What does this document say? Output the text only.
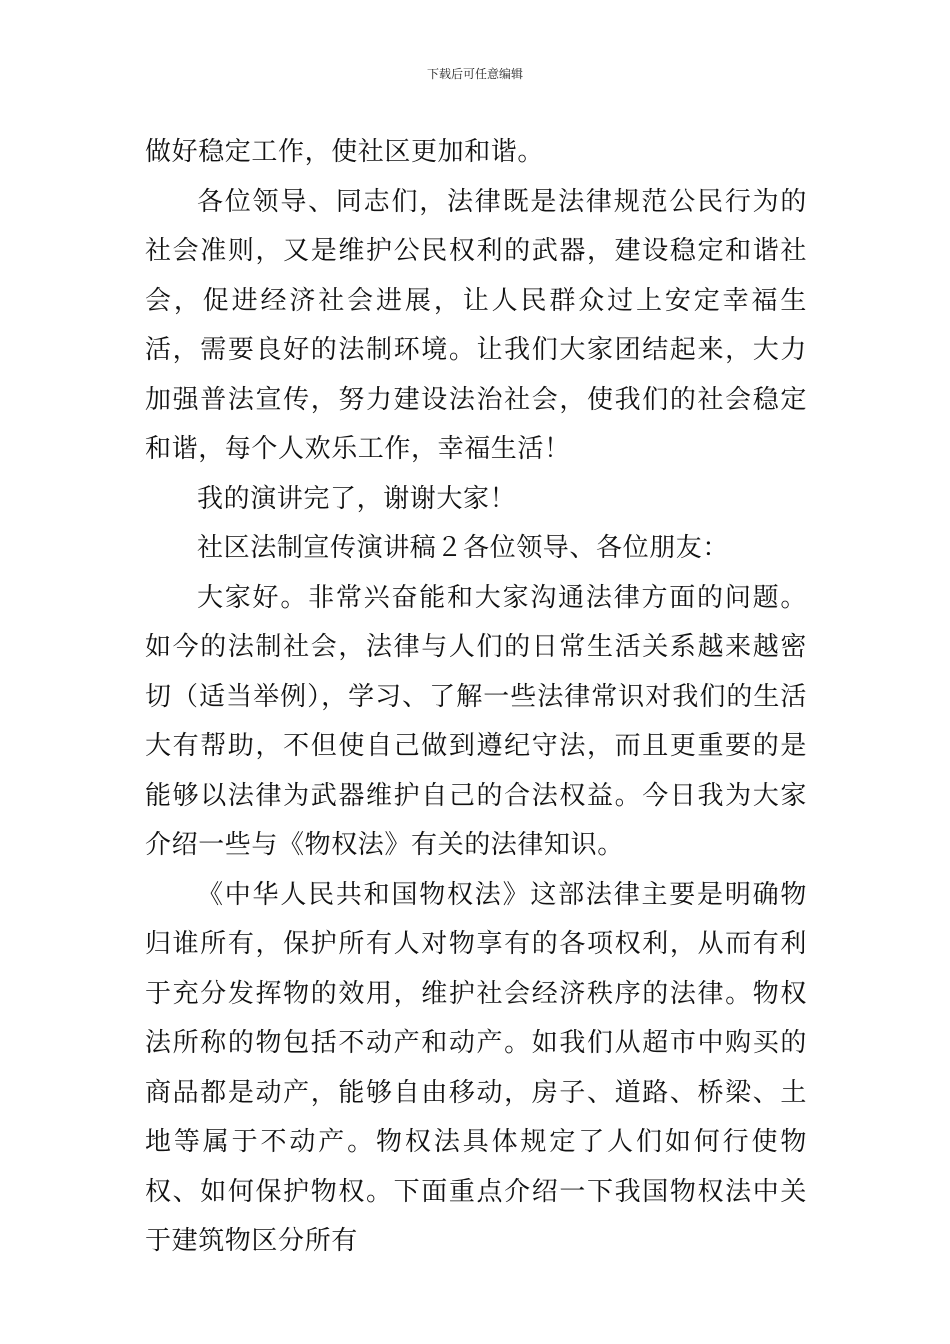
下载后可任意编辑

做好稳定工作，使社区更加和谐。

各位领导、同志们，法律既是法律规范公民行为的社会准则，又是维护公民权利的武器，建设稳定和谐社会，促进经济社会进展，让人民群众过上安定幸福生活，需要良好的法制环境。让我们大家团结起来，大力加强普法宣传，努力建设法治社会，使我们的社会稳定和谐，每个人欢乐工作，幸福生活！

我的演讲完了，谢谢大家！

社区法制宣传演讲稿２各位领导、各位朋友：

大家好。非常兴奋能和大家沟通法律方面的问题。如今的法制社会，法律与人们的日常生活关系越来越密切（适当举例），学习、了解一些法律常识对我们的生活大有帮助，不但使自己做到遵纪守法，而且更重要的是能够以法律为武器维护自己的合法权益。今日我为大家介绍一些与《物权法》有关的法律知识。

《中华人民共和国物权法》这部法律主要是明确物归谁所有，保护所有人对物享有的各项权利，从而有利于充分发挥物的效用，维护社会经济秩序的法律。物权法所称的物包括不动产和动产。如我们从超市中购买的商品都是动产，能够自由移动，房子、道路、桥梁、土地等属于不动产。物权法具体规定了人们如何行使物权、如何保护物权。下面重点介绍一下我国物权法中关于建筑物区分所有
